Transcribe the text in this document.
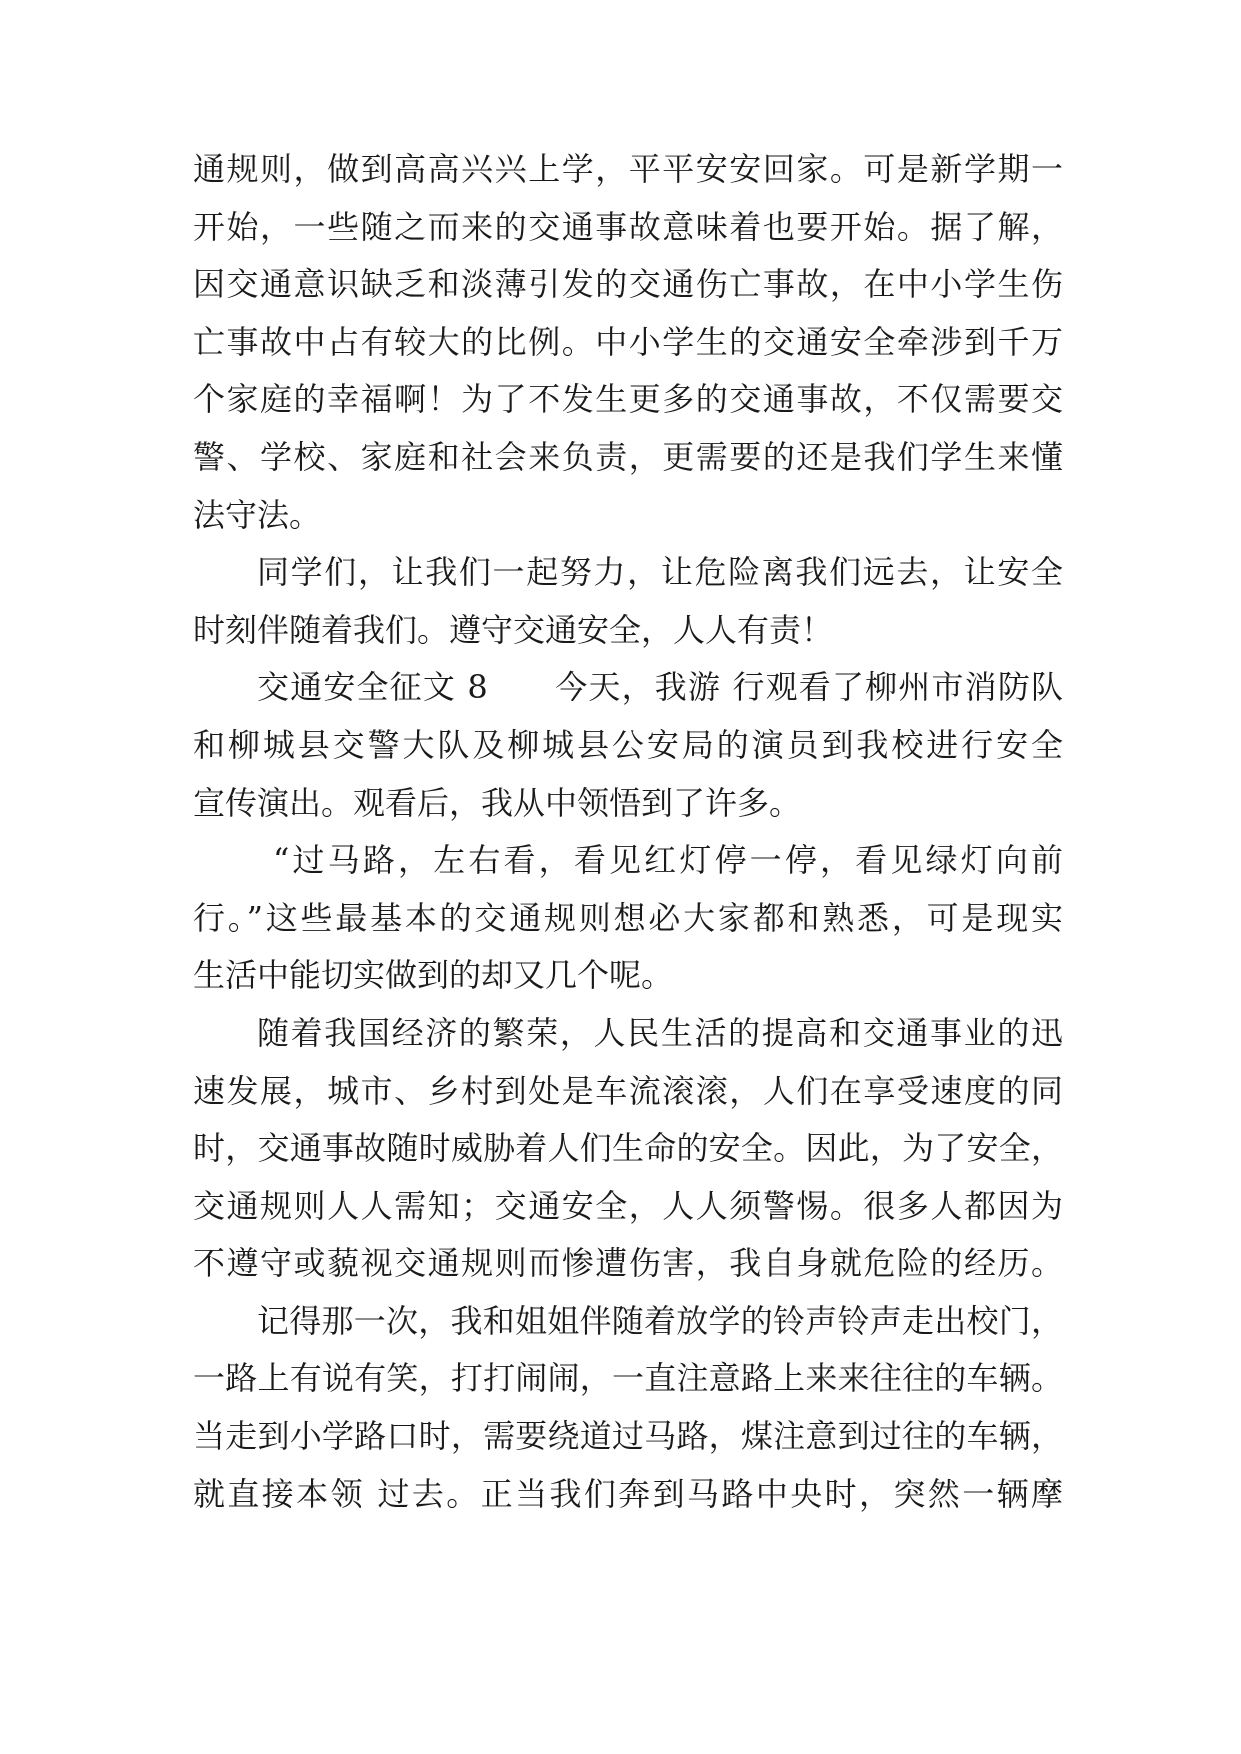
通规则，做到高高兴兴上学，平平安安回家。可是新学期一
开始，一些随之而来的交通事故意味着也要开始。据了解，
因交通意识缺乏和淡薄引发的交通伤亡事故，在中小学生伤
亡事故中占有较大的比例。中小学生的交通安全牵涉到千万
个家庭的幸福啊！为了不发生更多的交通事故，不仅需要交
警、学校、家庭和社会来负责，更需要的还是我们学生来懂
法守法。
同学们，让我们一起努力，让危险离我们远去，让安全
时刻伴随着我们。遵守交通安全，人人有责！
交通安全征文 8　　今天，我游 行观看了柳州市消防队
和柳城县交警大队及柳城县公安局的演员到我校进行安全
宣传演出。观看后，我从中领悟到了许多。
“过马路，左右看，看见红灯停一停，看见绿灯向前
行。”这些最基本的交通规则想必大家都和熟悉，可是现实
生活中能切实做到的却又几个呢。
随着我国经济的繁荣，人民生活的提高和交通事业的迅
速发展，城市、乡村到处是车流滚滚，人们在享受速度的同
时，交通事故随时威胁着人们生命的安全。因此，为了安全，
交通规则人人需知；交通安全，人人须警惕。很多人都因为
不遵守或藐视交通规则而惨遭伤害，我自身就危险的经历。
记得那一次，我和姐姐伴随着放学的铃声铃声走出校门，
一路上有说有笑，打打闹闹，一直注意路上来来往往的车辆。
当走到小学路口时，需要绕道过马路，煤注意到过往的车辆，
就直接本领 过去。正当我们奔到马路中央时，突然一辆摩
